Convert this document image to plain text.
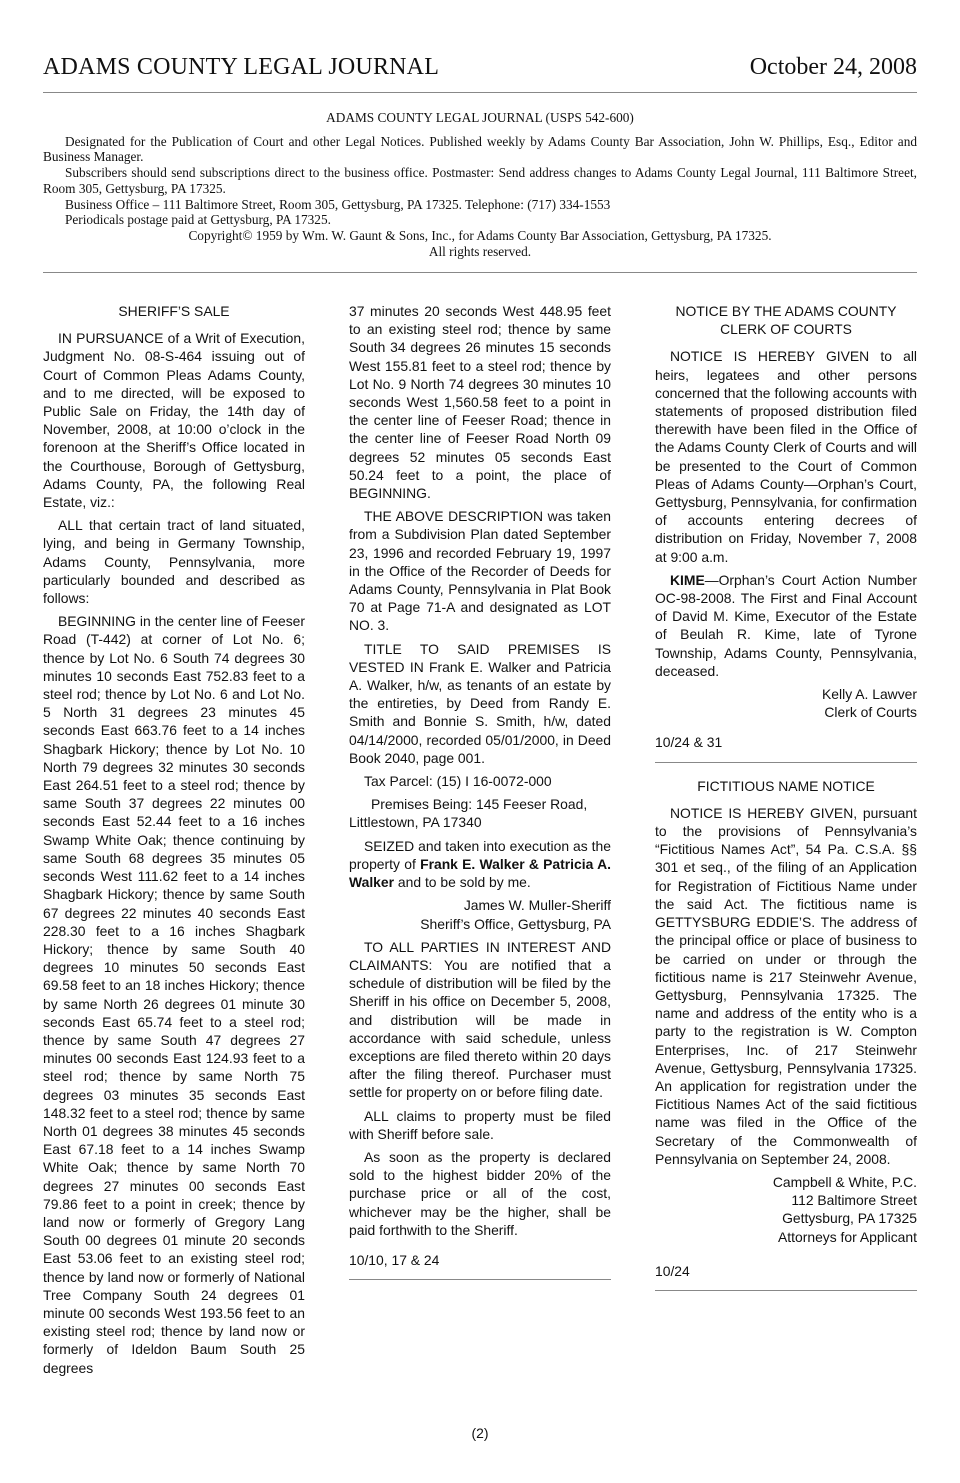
ADAMS COUNTY LEGAL JOURNAL	October 24, 2008

ADAMS COUNTY LEGAL JOURNAL (USPS 542-600)

Designated for the Publication of Court and other Legal Notices. Published weekly by Adams County Bar Association, John W. Phillips, Esq., Editor and Business Manager.

Subscribers should send subscriptions direct to the business office. Postmaster: Send address changes to Adams County Legal Journal, 111 Baltimore Street, Room 305, Gettysburg, PA 17325.

Business Office – 111 Baltimore Street, Room 305, Gettysburg, PA 17325. Telephone: (717) 334-1553

Periodicals postage paid at Gettysburg, PA 17325.

Copyright© 1959 by Wm. W. Gaunt & Sons, Inc., for Adams County Bar Association, Gettysburg, PA 17325.

All rights reserved.

SHERIFF’S SALE

IN PURSUANCE of a Writ of Execution, Judgment No. 08-S-464 issuing out of Court of Common Pleas Adams County, and to me directed, will be exposed to Public Sale on Friday, the 14th day of November, 2008, at 10:00 o’clock in the forenoon at the Sheriff’s Office located in the Courthouse, Borough of Gettysburg, Adams County, PA, the following Real Estate, viz.:

ALL that certain tract of land situated, lying, and being in Germany Township, Adams County, Pennsylvania, more particularly bounded and described as follows:

BEGINNING in the center line of Feeser Road (T-442) at corner of Lot No. 6; thence by Lot No. 6 South 74 degrees 30 minutes 10 seconds East 752.83 feet to a steel rod; thence by Lot No. 6 and Lot No. 5 North 31 degrees 23 minutes 45 seconds East 663.76 feet to a 14 inches Shagbark Hickory; thence by Lot No. 10 North 79 degrees 32 minutes 30 seconds East 264.51 feet to a steel rod; thence by same South 37 degrees 22 minutes 00 seconds East 52.44 feet to a 16 inches Swamp White Oak; thence continuing by same South 68 degrees 35 minutes 05 seconds West 111.62 feet to a 14 inches Shagbark Hickory; thence by same South 67 degrees 22 minutes 40 seconds East 228.30 feet to a 16 inches Shagbark Hickory; thence by same South 40 degrees 10 minutes 50 seconds East 69.58 feet to an 18 inches Hickory; thence by same North 26 degrees 01 minute 30 seconds East 65.74 feet to a steel rod; thence by same South 47 degrees 27 minutes 00 seconds East 124.93 feet to a steel rod; thence by same North 75 degrees 03 minutes 35 seconds East 148.32 feet to a steel rod; thence by same North 01 degrees 38 minutes 45 seconds East 67.18 feet to a 14 inches Swamp White Oak; thence by same North 70 degrees 27 minutes 00 seconds East 79.86 feet to a point in creek; thence by land now or formerly of Gregory Lang South 00 degrees 01 minute 20 seconds East 53.06 feet to an existing steel rod; thence by land now or formerly of National Tree Company South 24 degrees 01 minute 00 seconds West 193.56 feet to an existing steel rod; thence by land now or formerly of Ideldon Baum South 25 degrees

37 minutes 20 seconds West 448.95 feet to an existing steel rod; thence by same South 34 degrees 26 minutes 15 seconds West 155.81 feet to a steel rod; thence by Lot No. 9 North 74 degrees 30 minutes 10 seconds West 1,560.58 feet to a point in the center line of Feeser Road; thence in the center line of Feeser Road North 09 degrees 52 minutes 05 seconds East 50.24 feet to a point, the place of BEGINNING.

THE ABOVE DESCRIPTION was taken from a Subdivision Plan dated September 23, 1996 and recorded February 19, 1997 in the Office of the Recorder of Deeds for Adams County, Pennsylvania in Plat Book 70 at Page 71-A and designated as LOT NO. 3.

TITLE TO SAID PREMISES IS VESTED IN Frank E. Walker and Patricia A. Walker, h/w, as tenants of an estate by the entireties, by Deed from Randy E. Smith and Bonnie S. Smith, h/w, dated 04/14/2000, recorded 05/01/2000, in Deed Book 2040, page 001.

Tax Parcel: (15) I 16-0072-000

Premises Being: 145 Feeser Road, Littlestown, PA 17340

SEIZED and taken into execution as the property of Frank E. Walker & Patricia A. Walker and to be sold by me.

James W. Muller-Sheriff

Sheriff’s Office, Gettysburg, PA

TO ALL PARTIES IN INTEREST AND CLAIMANTS: You are notified that a schedule of distribution will be filed by the Sheriff in his office on December 5, 2008, and distribution will be made in accordance with said schedule, unless exceptions are filed thereto within 20 days after the filing thereof. Purchaser must settle for property on or before filing date.

ALL claims to property must be filed with Sheriff before sale.

As soon as the property is declared sold to the highest bidder 20% of the purchase price or all of the cost, whichever may be the higher, shall be paid forthwith to the Sheriff.

10/10, 17 & 24

NOTICE BY THE ADAMS COUNTY
CLERK OF COURTS

NOTICE IS HEREBY GIVEN to all heirs, legatees and other persons concerned that the following accounts with statements of proposed distribution filed therewith have been filed in the Office of the Adams County Clerk of Courts and will be presented to the Court of Common Pleas of Adams County—Orphan’s Court, Gettysburg, Pennsylvania, for confirmation of accounts entering decrees of distribution on Friday, November 7, 2008 at 9:00 a.m.

KIME—Orphan’s Court Action Number OC-98-2008. The First and Final Account of David M. Kime, Executor of the Estate of Beulah R. Kime, late of Tyrone Township, Adams County, Pennsylvania, deceased.

Kelly A. Lawver

Clerk of Courts

10/24 & 31

FICTITIOUS NAME NOTICE

NOTICE IS HEREBY GIVEN, pursuant to the provisions of Pennsylvania’s “Fictitious Names Act”, 54 Pa. C.S.A. §§ 301 et seq., of the filing of an Application for Registration of Fictitious Name under the said Act. The fictitious name is GETTYSBURG EDDIE’S. The address of the principal office or place of business to be carried on under or through the fictitious name is 217 Steinwehr Avenue, Gettysburg, Pennsylvania 17325. The name and address of the entity who is a party to the registration is W. Compton Enterprises, Inc. of 217 Steinwehr Avenue, Gettysburg, Pennsylvania 17325. An application for registration under the Fictitious Names Act of the said fictitious name was filed in the Office of the Secretary of the Commonwealth of Pennsylvania on September 24, 2008.

Campbell & White, P.C.

112 Baltimore Street

Gettysburg, PA 17325

Attorneys for Applicant

10/24

(2)
